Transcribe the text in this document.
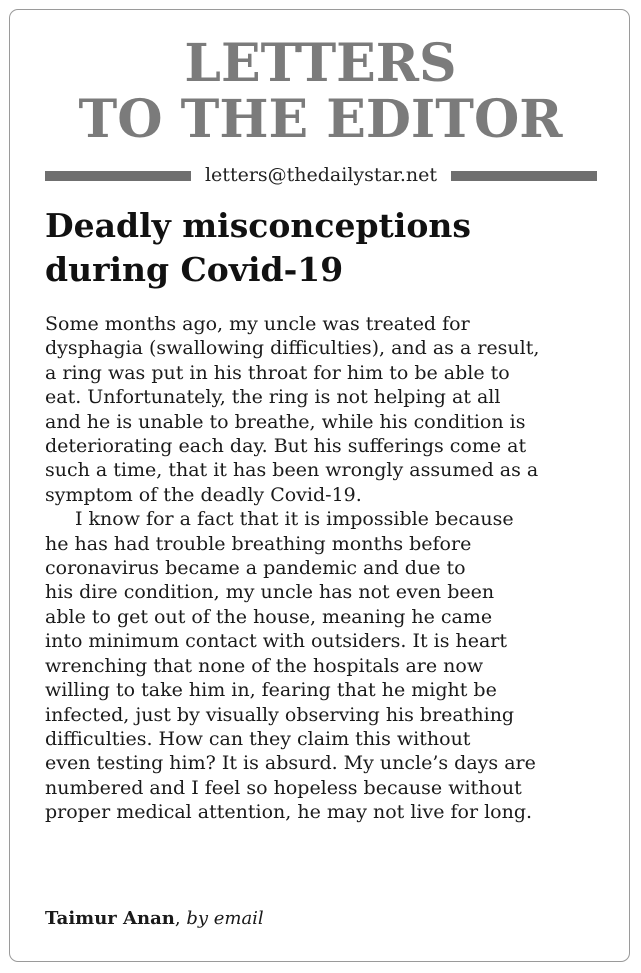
LETTERS
TO THE EDITOR
letters@thedailystar.net
Deadly misconceptions
during Covid-19

Some months ago, my uncle was treated for
dysphagia (swallowing difficulties), and as a result,
a ring was put in his throat for him to be able to
eat. Unfortunately, the ring is not helping at all
and he is unable to breathe, while his condition is
deteriorating each day. But his sufferings come at
such a time, that it has been wrongly assumed as a
symptom of the deadly Covid-19.

I know for a fact that it is impossible because
he has had trouble breathing months before
coronavirus became a pandemic and due to
his dire condition, my uncle has not even been
able to get out of the house, meaning he came
into minimum contact with outsiders. It is heart
wrenching that none of the hospitals are now
willing to take him in, fearing that he might be
infected, just by visually observing his breathing
difficulties. How can they claim this without
even testing him? It is absurd. My uncle’s days are
numbered and I feel so hopeless because without
proper medical attention, he may not live for long.

Taimur Anan, by email
